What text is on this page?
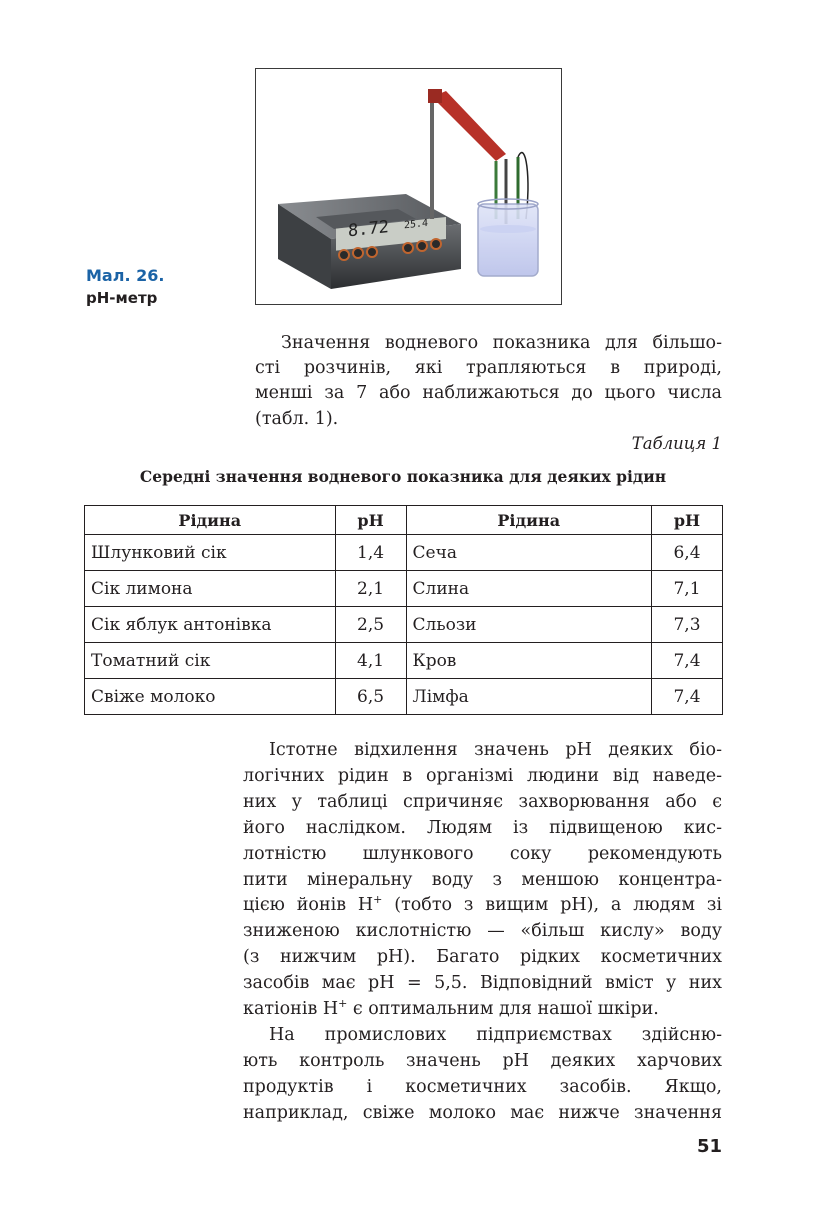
8.72 25.4
Мал. 26.
pH-метр
Значення водневого показника для більшо-
сті розчинів, які трапляються в природі,
менші за 7 або наближаються до цього числа
(табл. 1).
Таблиця 1
Середні значення водневого показника для деяких рідин
Рідина	pH	Рідина	pH
Шлунковий сік	1,4	Сеча	6,4
Сік лимона	2,1	Слина	7,1
Сік яблук антонівка	2,5	Сльози	7,3
Томатний сік	4,1	Кров	7,4
Свіже молоко	6,5	Лімфа	7,4
Істотне відхилення значень pH деяких біо-
логічних рідин в організмі людини від наведе-
них у таблиці спричиняє захворювання або є
його наслідком. Людям із підвищеною кис-
лотністю шлункового соку рекомендують
пити мінеральну воду з меншою концентра-
цією йонів H+ (тобто з вищим pH), а людям зі
зниженою кислотністю — «більш кислу» воду
(з нижчим pH). Багато рідких косметичних
засобів має pH = 5,5. Відповідний вміст у них
катіонів H+ є оптимальним для нашої шкіри.
На промислових підприємствах здійсню-
ють контроль значень pH деяких харчових
продуктів і косметичних засобів. Якщо,
наприклад, свіже молоко має нижче значення
51
